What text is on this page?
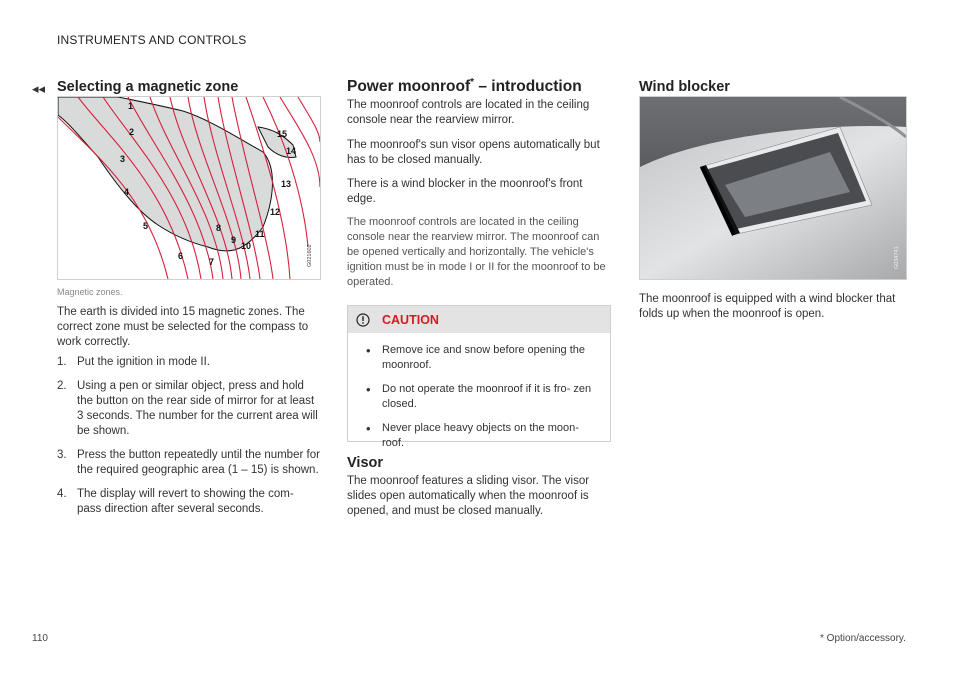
INSTRUMENTS AND CONTROLS
◂◂ Selecting a magnetic zone
1
2
3
4
5
6
7
8
9
10
11
12
13
14
15
G021602
Magnetic zones.
The earth is divided into 15 magnetic zones. The correct zone must be selected for the compass to work correctly.
1. Put the ignition in mode II.
2. Using a pen or similar object, press and hold the button on the rear side of mirror for at least 3 seconds. The number for the current area will be shown.
3. Press the button repeatedly until the number for the required geographic area (1 – 15) is shown.
4. The display will revert to showing the com- pass direction after several seconds.
Power moonroof* – introduction
The moonroof controls are located in the ceiling console near the rearview mirror.
The moonroof's sun visor opens automatically but has to be closed manually.
There is a wind blocker in the moonroof's front edge.
The moonroof controls are located in the ceiling console near the rearview mirror. The moonroof can be opened vertically and horizontally. The vehicle's ignition must be in mode I or II for the moonroof to be operated.
CAUTION
• Remove ice and snow before opening the moonroof.
• Do not operate the moonroof if it is fro- zen closed.
• Never place heavy objects on the moon- roof.
Visor
The moonroof features a sliding visor. The visor slides open automatically when the moonroof is opened, and must be closed manually.
Wind blocker
G034741
The moonroof is equipped with a wind blocker that folds up when the moonroof is open.
110	* Option/accessory.
